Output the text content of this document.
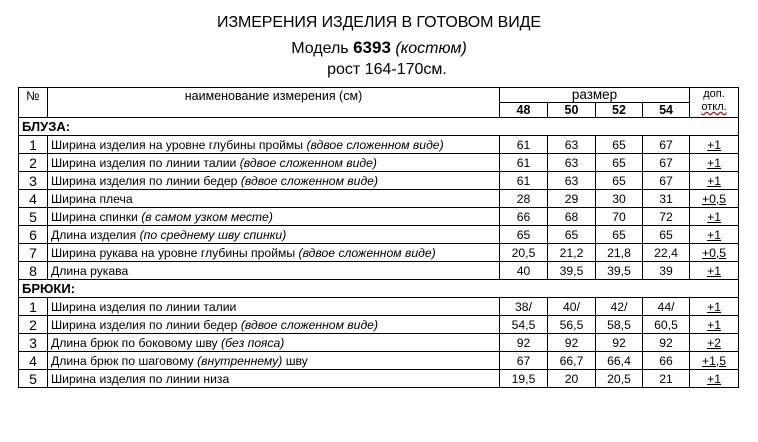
ИЗМЕРЕНИЯ ИЗДЕЛИЯ В ГОТОВОМ ВИДЕ
Модель 6393 (костюм)
рост 164-170см.
№	наименование измерения (см)	размер				доп.
откл.

		48	50	52	54	
БЛУЗА:						
1	Ширина изделия на уровне глубины проймы (вдвое сложенном виде)	61	63	65	67	+1
2	Ширина изделия по линии талии (вдвое сложенном виде)	61	63	65	67	+1
3	Ширина изделия по линии бедер (вдвое сложенном виде)	61	63	65	67	+1
4	Ширина плеча	28	29	30	31	+0,5
5	Ширина спинки (в самом узком месте)	66	68	70	72	+1
6	Длина изделия (по среднему шву спинки)	65	65	65	65	+1
7	Ширина рукава на уровне глубины проймы (вдвое сложенном виде)	20,5	21,2	21,8	22,4	+0,5
8	Длина рукава	40	39,5	39,5	39	+1
БРЮКИ:						
1	Ширина изделия по линии талии	38/	40/	42/	44/	+1
2	Ширина изделия по линии бедер (вдвое сложенном виде)	54,5	56,5	58,5	60,5	+1
3	Длина брюк по боковому шву (без пояса)	92	92	92	92	+2
4	Длина брюк по шаговому (внутреннему) шву	67	66,7	66,4	66	+1,5
5	Ширина изделия по линии низа	19,5	20	20,5	21	+1
